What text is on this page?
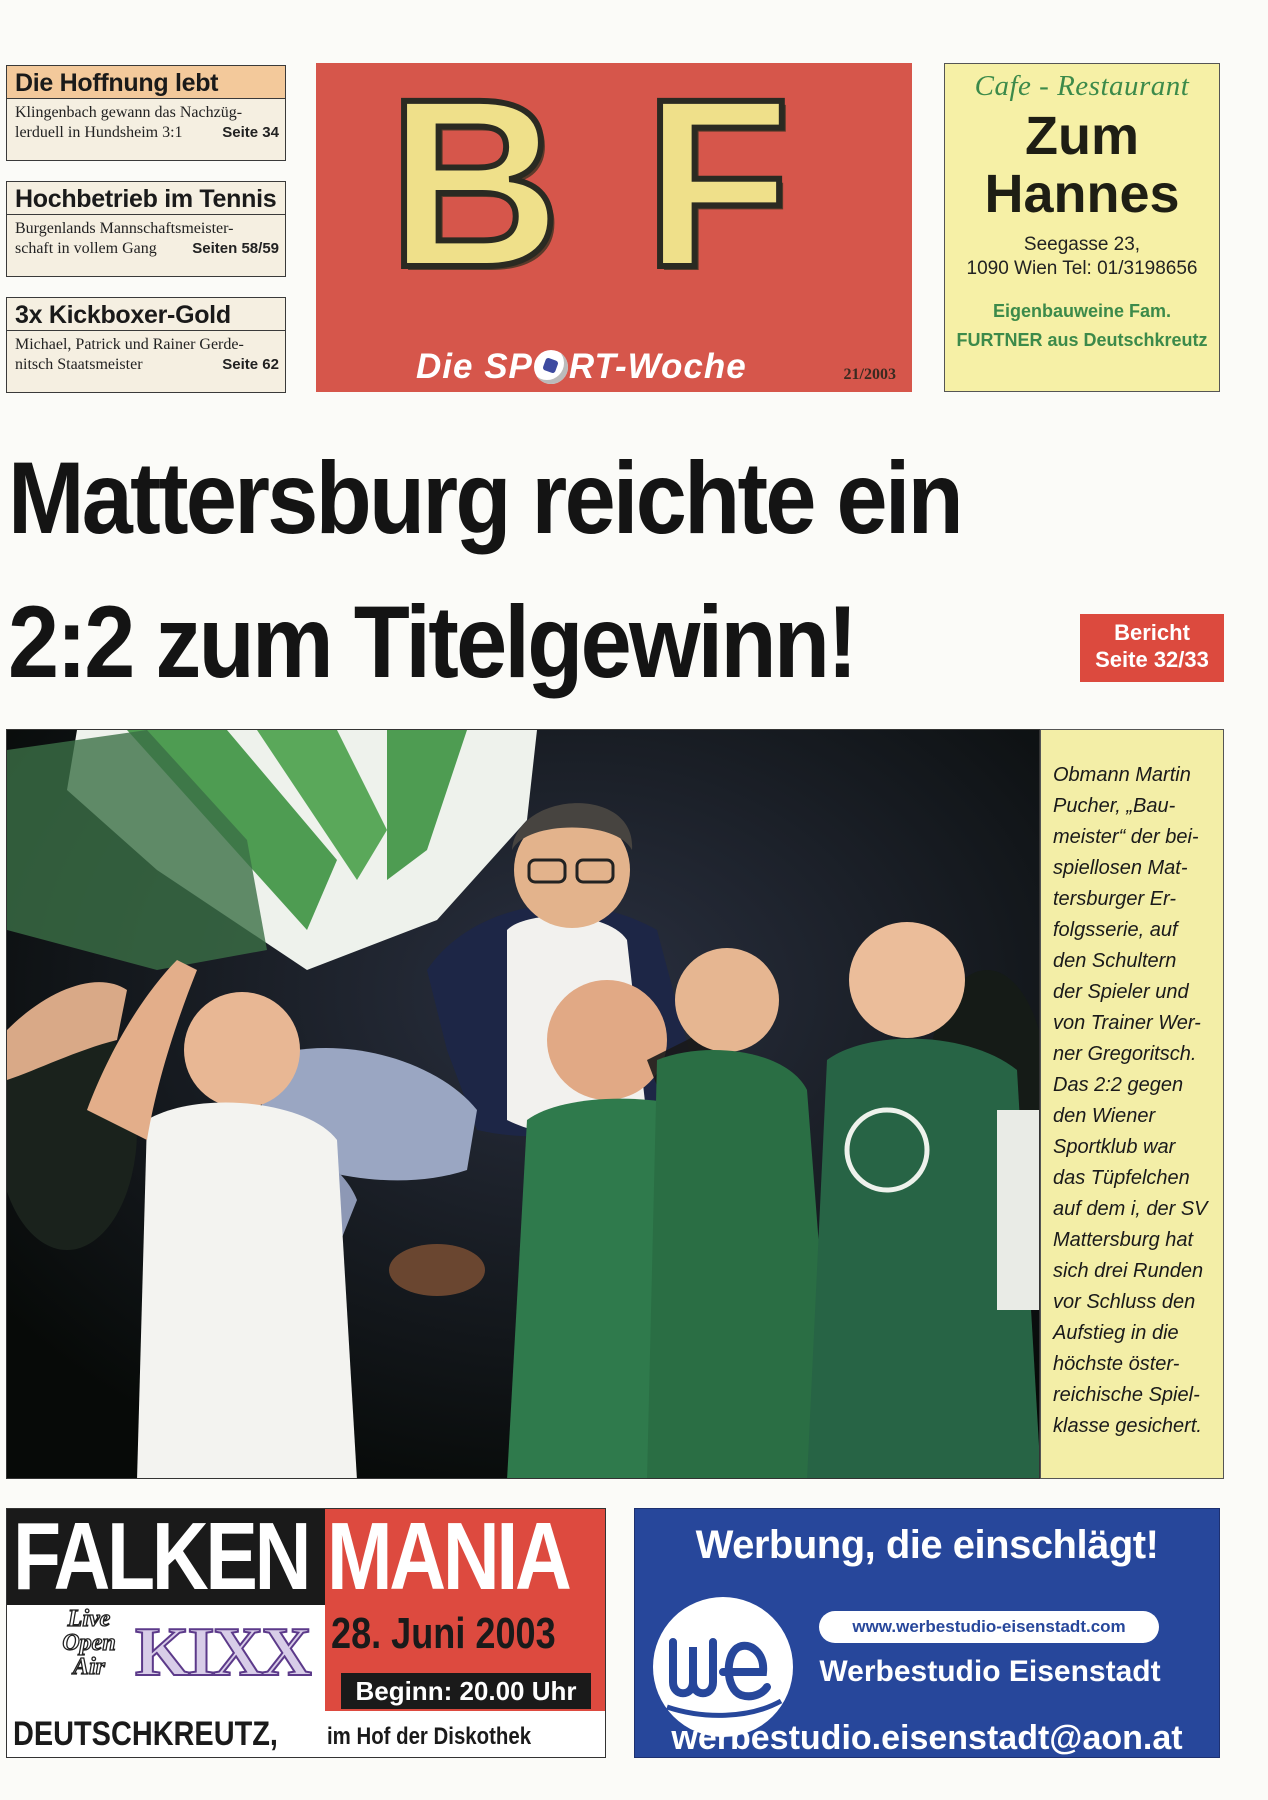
Die Hoffnung lebt
Klingenbach gewann das Nachzüg-
lerduell in Hundsheim 3:1	Seite 34
Hochbetrieb im Tennis
Burgenlands Mannschaftsmeister-
schaft in vollem Gang Seiten 58/59
3x Kickboxer-Gold
Michael, Patrick und Rainer Gerde-
nitsch Staatsmeister	Seite 62
B F
Die SP RT-Woche	21/2003
Cafe - Restaurant
Zum
Hannes
Seegasse 23,
1090 Wien Tel: 01/3198656
Eigenbauweine Fam.
FURTNER aus Deutschkreutz
Mattersburg reichte ein
2:2 zum Titelgewinn!	Bericht
Seite 32/33
Obmann Martin
Pucher, „Bau-
meister“ der bei-
spiellosen Mat-
tersburger Er-
folgsserie, auf
den Schultern
der Spieler und
von Trainer Wer-
ner Gregoritsch.
Das 2:2 gegen
den Wiener
Sportklub war
das Tüpfelchen
auf dem i, der SV
Mattersburg hat
sich drei Runden
vor Schluss den
Aufstieg in die
höchste öster-
reichische Spiel-
klasse gesichert.
FALKEN MANIA
28. Juni 2003
Beginn: 20.00 Uhr
Live
Open
Air KIXX
DEUTSCHKREUTZ, im Hof der Diskothek
Werbung, die einschlägt!
www.werbestudio-eisenstadt.com
Werbestudio Eisenstadt
werbestudio.eisenstadt@aon.at
